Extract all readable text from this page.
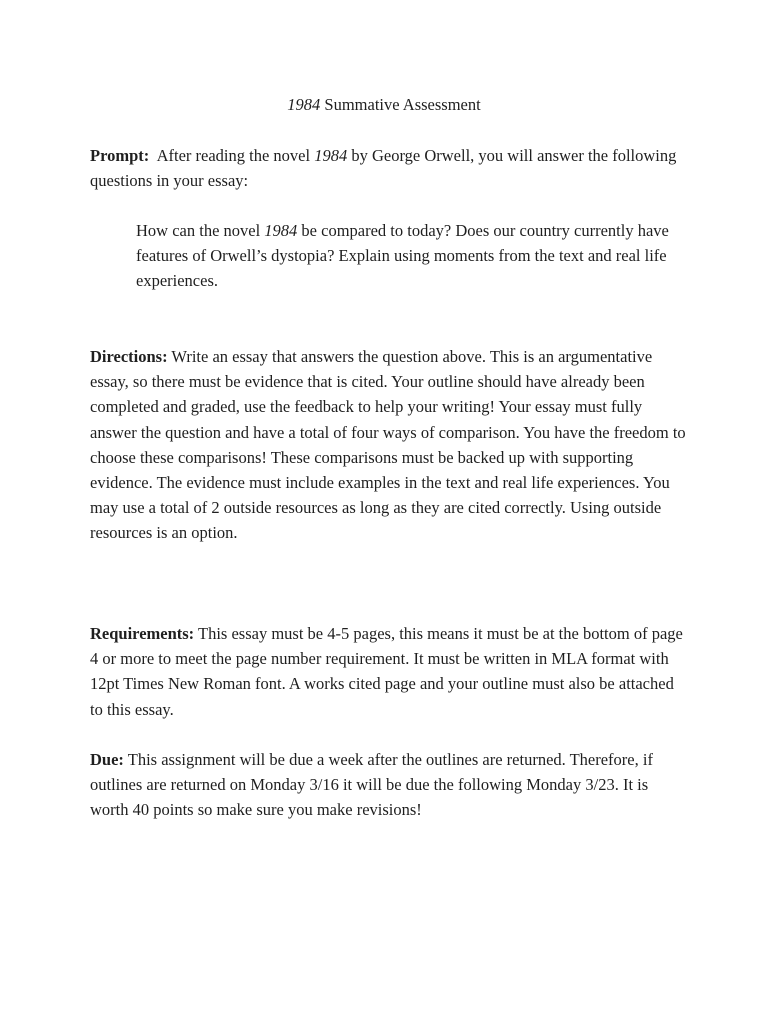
1984 Summative Assessment

Prompt:  After reading the novel 1984 by George Orwell, you will answer the following questions in your essay:

How can the novel 1984 be compared to today? Does our country currently have features of Orwell’s dystopia? Explain using moments from the text and real life experiences.

Directions: Write an essay that answers the question above. This is an argumentative essay, so there must be evidence that is cited. Your outline should have already been completed and graded, use the feedback to help your writing! Your essay must fully answer the question and have a total of four ways of comparison. You have the freedom to choose these comparisons! These comparisons must be backed up with supporting evidence. The evidence must include examples in the text and real life experiences. You may use a total of 2 outside resources as long as they are cited correctly. Using outside resources is an option.

Requirements: This essay must be 4-5 pages, this means it must be at the bottom of page 4 or more to meet the page number requirement. It must be written in MLA format with 12pt Times New Roman font. A works cited page and your outline must also be attached to this essay.

Due: This assignment will be due a week after the outlines are returned. Therefore, if outlines are returned on Monday 3/16 it will be due the following Monday 3/23. It is worth 40 points so make sure you make revisions!
